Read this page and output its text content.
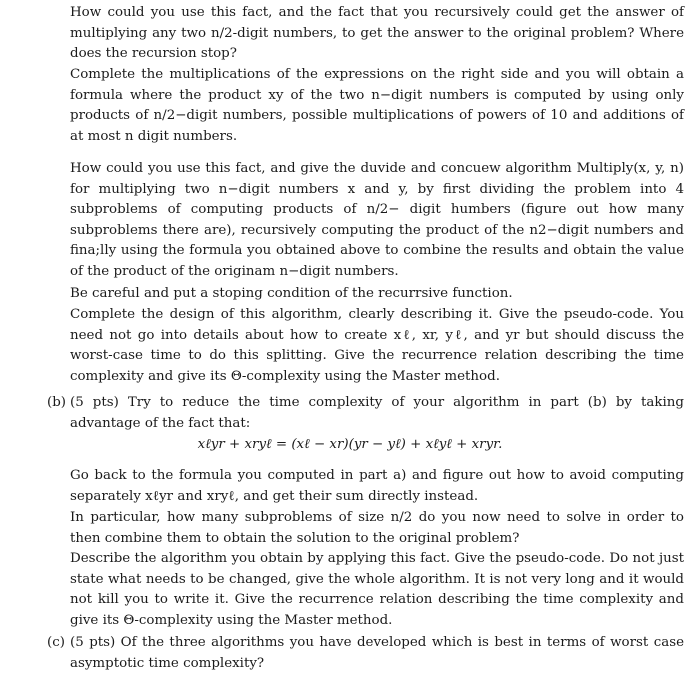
How could you use this fact, and the fact that you recursively could get the answer of multiplying any two n/2-digit numbers, to get the answer to the original problem? Where does the recursion stop?

Complete the multiplications of the expressions on the right side and you will obtain a formula where the product xy of the two n−digit numbers is computed by using only products of n/2−digit numbers, possible multiplications of powers of 10 and additions of at most n digit numbers.

How could you use this fact, and give the duvide and concuew algorithm Multiply(x, y, n) for multiplying two n−digit numbers x and y, by first dividing the problem into 4 subproblems of computing products of n/2− digit humbers (figure out how many subproblems there are), recursively computing the product of the n2−digit numbers and fina;lly using the formula you obtained above to combine the results and obtain the value of the product of the originam n−digit numbers.

Be careful and put a stoping condition of the recurrsive function.

Complete the design of this algorithm, clearly describing it. Give the pseudo-code. You need not go into details about how to create xℓ, xr, yℓ, and yr but should discuss the worst-case time to do this splitting. Give the recurrence relation describing the time complexity and give its Θ-complexity using the Master method.

(b) (5 pts) Try to reduce the time complexity of your algorithm in part (b) by taking advantage of the fact that:

xℓyr + xryℓ = (xℓ − xr)(yr − yℓ) + xℓyℓ + xryr.

Go back to the formula you computed in part a) and figure out how to avoid computing separately xℓyr and xryℓ, and get their sum directly instead.

In particular, how many subproblems of size n/2 do you now need to solve in order to then combine them to obtain the solution to the original problem?

Describe the algorithm you obtain by applying this fact. Give the pseudo-code. Do not just state what needs to be changed, give the whole algorithm. It is not very long and it would not kill you to write it. Give the recurrence relation describing the time complexity and give its Θ-complexity using the Master method.

(c) (5 pts) Of the three algorithms you have developed which is best in terms of worst case asymptotic time complexity?
